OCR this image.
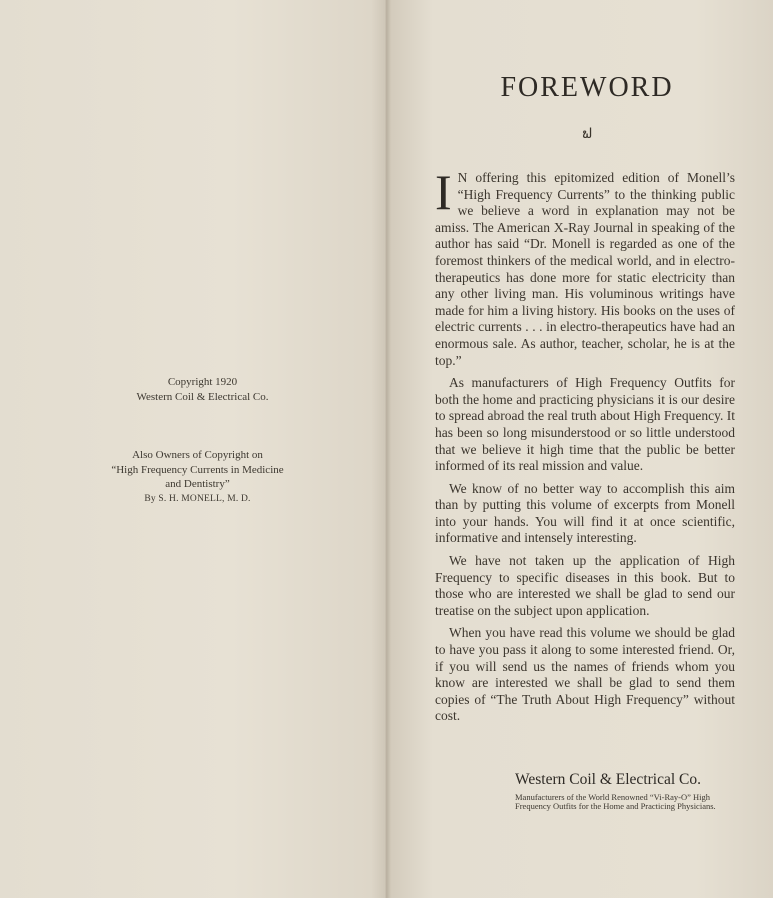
Copyright 1920
Western Coil & Electrical Co.
Also Owners of Copyright on
“High Frequency Currents in Medicine
and Dentistry”
By S. H. MONELL, M. D.
FOREWORD
ຟ

I N offering this epitomized edition of Monell’s “High Frequency Currents” to the thinking public we believe a word in explanation may not be amiss. The American X-Ray Journal in speaking of the author has said “Dr. Monell is regarded as one of the foremost thinkers of the medical world, and in electro-therapeutics has done more for static electricity than any other living man. His voluminous writings have made for him a living history. His books on the uses of electric currents . . . in electro-therapeutics have had an enormous sale. As author, teacher, scholar, he is at the top.”

As manufacturers of High Frequency Outfits for both the home and practicing physicians it is our desire to spread abroad the real truth about High Frequency. It has been so long misunderstood or so little understood that we believe it high time that the public be better informed of its real mission and value.

We know of no better way to accomplish this aim than by putting this volume of excerpts from Monell into your hands. You will find it at once scientific, informative and intensely interesting.

We have not taken up the application of High Frequency to specific diseases in this book. But to those who are interested we shall be glad to send our treatise on the subject upon application.

When you have read this volume we should be glad to have you pass it along to some interested friend. Or, if you will send us the names of friends whom you know are interested we shall be glad to send them copies of “The Truth About High Frequency” without cost.

Western Coil & Electrical Co.
Manufacturers of the World Renowned “Vi-Ray-O” High Frequency Outfits for the Home and Practicing Physicians.
